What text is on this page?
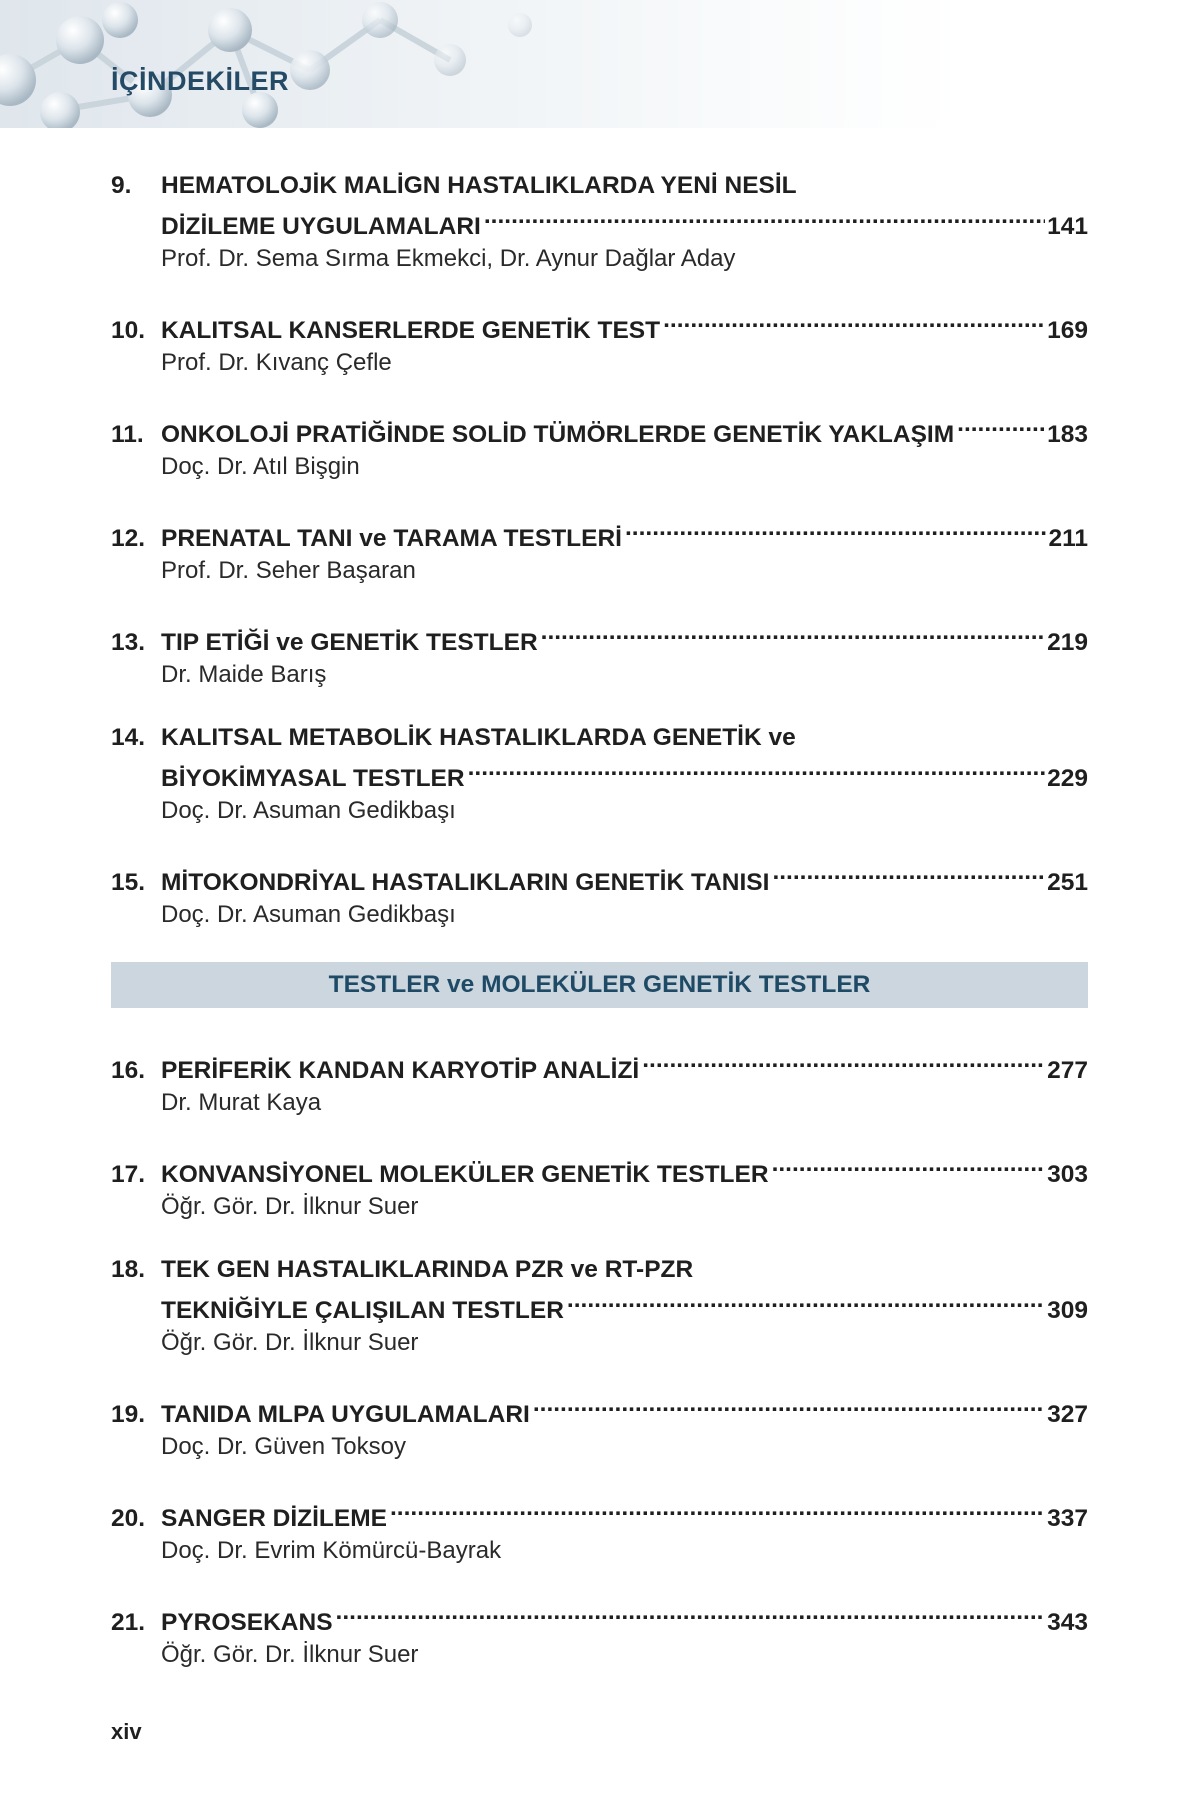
İÇİNDEKİLER
9.	HEMATOLOJİK MALİGN HASTALIKLARDA YENİ NESİL
DİZİLEME UYGULAMALARI .....	141
Prof. Dr. Sema Sırma Ekmekci, Dr. Aynur Dağlar Aday
10. KALITSAL KANSERLERDE GENETİK TEST .....	169
Prof. Dr. Kıvanç Çefle
11. ONKOLOJİ PRATİĞİNDE SOLİD TÜMÖRLERDE GENETİK YAKLAŞIM .....	183
Doç. Dr. Atıl Bişgin
12. PRENATAL TANI ve TARAMA TESTLERİ .....	211
Prof. Dr. Seher Başaran
13. TIP ETİĞİ ve GENETİK TESTLER .....	219
Dr. Maide Barış
14. KALITSAL METABOLİK HASTALIKLARDA GENETİK ve
BİYOKİMYASAL TESTLER .....	229
Doç. Dr. Asuman Gedikbaşı
15. MİTOKONDRİYAL HASTALIKLARIN GENETİK TANISI .....	251
Doç. Dr. Asuman Gedikbaşı
TESTLER ve MOLEKÜLER GENETİK TESTLER
16. PERİFERİK KANDAN KARYOTİP ANALİZİ .....	277
Dr. Murat Kaya
17. KONVANSİYONEL MOLEKÜLER GENETİK TESTLER .....	303
Öğr. Gör. Dr. İlknur Suer
18. TEK GEN HASTALIKLARINDA PZR ve RT-PZR
TEKNİĞİYLE ÇALIŞILAN TESTLER .....	309
Öğr. Gör. Dr. İlknur Suer
19. TANIDA MLPA UYGULAMALARI .....	327
Doç. Dr. Güven Toksoy
20. SANGER DİZİLEME .....	337
Doç. Dr. Evrim Kömürcü-Bayrak
21. PYROSEKANS .....	343
Öğr. Gör. Dr. İlknur Suer
xiv
